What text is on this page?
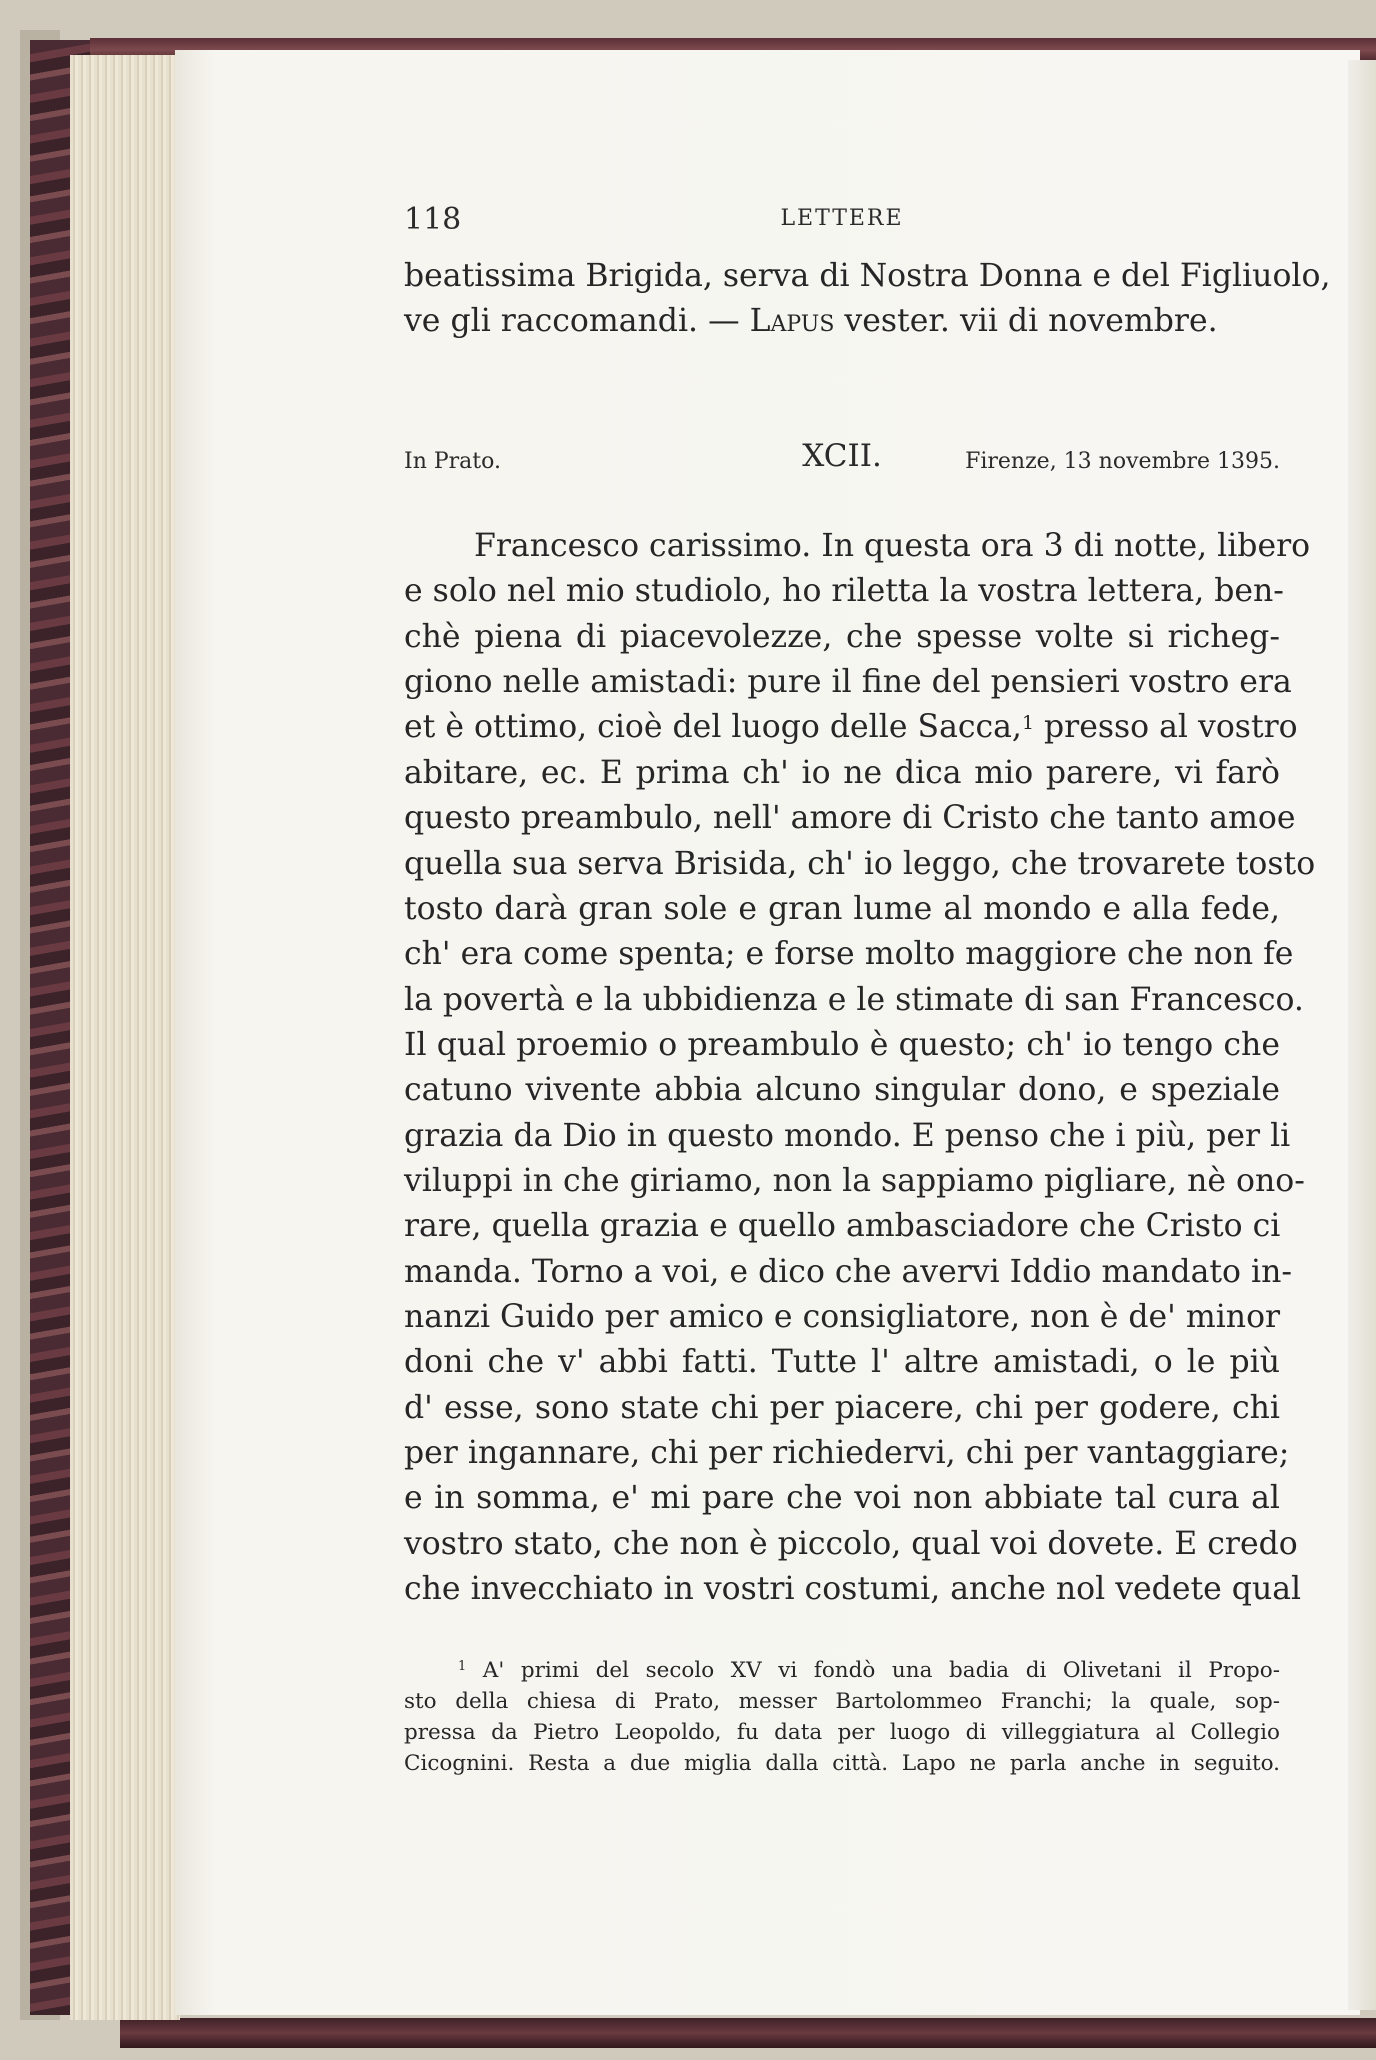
118	LETTERE
beatissima Brigida, serva di Nostra Donna e del Figliuolo,
ve gli raccomandi. — Lapus vester. vii di novembre.
In Prato.	XCII.	Firenze, 13 novembre 1395.
Francesco carissimo. In questa ora 3 di notte, libero
e solo nel mio studiolo, ho riletta la vostra lettera, ben-
chè piena di piacevolezze, che spesse volte si richeg-
giono nelle amistadi: pure il fine del pensieri vostro era
et è ottimo, cioè del luogo delle Sacca,$^1$ presso al vostro
abitare, ec. E prima ch' io ne dica mio parere, vi farò
questo preambulo, nell' amore di Cristo che tanto amoe
quella sua serva Brisida, ch' io leggo, che trovarete tosto
tosto darà gran sole e gran lume al mondo e alla fede,
ch' era come spenta; e forse molto maggiore che non fe
la povertà e la ubbidienza e le stimate di san Francesco.
Il qual proemio o preambulo è questo; ch' io tengo che
catuno vivente abbia alcuno singular dono, e speziale
grazia da Dio in questo mondo. E penso che i più, per li
viluppi in che giriamo, non la sappiamo pigliare, nè ono-
rare, quella grazia e quello ambasciadore che Cristo ci
manda. Torno a voi, e dico che avervi Iddio mandato in-
nanzi Guido per amico e consigliatore, non è de' minor
doni che v' abbi fatti. Tutte l' altre amistadi, o le più
d' esse, sono state chi per piacere, chi per godere, chi
per ingannare, chi per richiedervi, chi per vantaggiare;
e in somma, e' mi pare che voi non abbiate tal cura al
vostro stato, che non è piccolo, qual voi dovete. E credo
che invecchiato in vostri costumi, anche nol vedete qual
$^1$ A' primi del secolo XV vi fondò una badia di Olivetani il Propo-
sto della chiesa di Prato, messer Bartolommeo Franchi; la quale, sop-
pressa da Pietro Leopoldo, fu data per luogo di villeggiatura al Collegio
Cicognini. Resta a due miglia dalla città. Lapo ne parla anche in seguito.
